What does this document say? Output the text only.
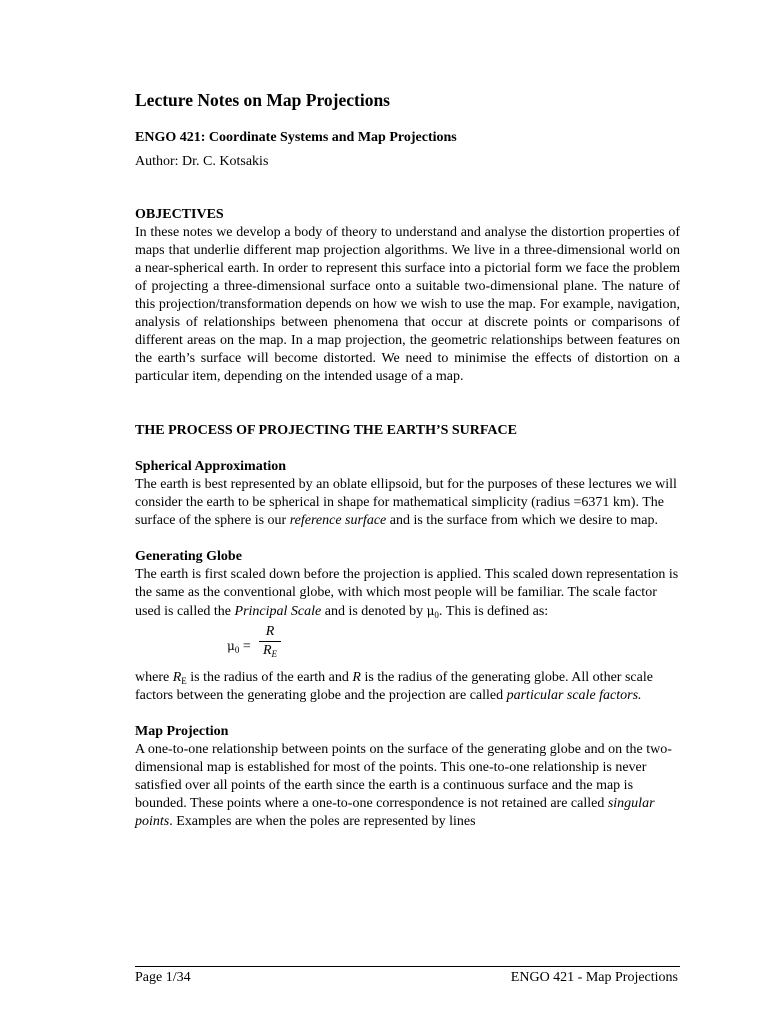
Lecture Notes on Map Projections
ENGO 421: Coordinate Systems and Map Projections
Author: Dr. C. Kotsakis
OBJECTIVES

In these notes we develop a body of theory to understand and analyse the distortion properties of maps that underlie different map projection algorithms. We live in a three-dimensional world on a near-spherical earth. In order to represent this surface into a pictorial form we face the problem of projecting a three-dimensional surface onto a suitable two-dimensional plane. The nature of this projection/transformation depends on how we wish to use the map. For example, navigation, analysis of relationships between phenomena that occur at discrete points or comparisons of different areas on the map. In a map projection, the geometric relationships between features on the earth’s surface will become distorted. We need to minimise the effects of distortion on a particular item, depending on the intended usage of a map.

THE PROCESS OF PROJECTING THE EARTH’S SURFACE
Spherical Approximation

The earth is best represented by an oblate ellipsoid, but for the purposes of these lectures we will consider the earth to be spherical in shape for mathematical simplicity (radius =6371 km). The surface of the sphere is our reference surface and is the surface from which we desire to map.

Generating Globe

The earth is first scaled down before the projection is applied. This scaled down representation is the same as the conventional globe, with which most people will be familiar. The scale factor used is called the Principal Scale and is denoted by $\mu_0$. This is defined as:

$\mu_0$ =
R
$R_E$

where $R_E$ is the radius of the earth and R is the radius of the generating globe. All other scale factors between the generating globe and the projection are called particular scale factors.

Map Projection

A one-to-one relationship between points on the surface of the generating globe and on the two-dimensional map is established for most of the points. This one-to-one relationship is never satisfied over all points of the earth since the earth is a continuous surface and the map is bounded. These points where a one-to-one correspondence is not retained are called singular points. Examples are when the poles are represented by lines

Page 1/34	ENGO 421 - Map Projections
